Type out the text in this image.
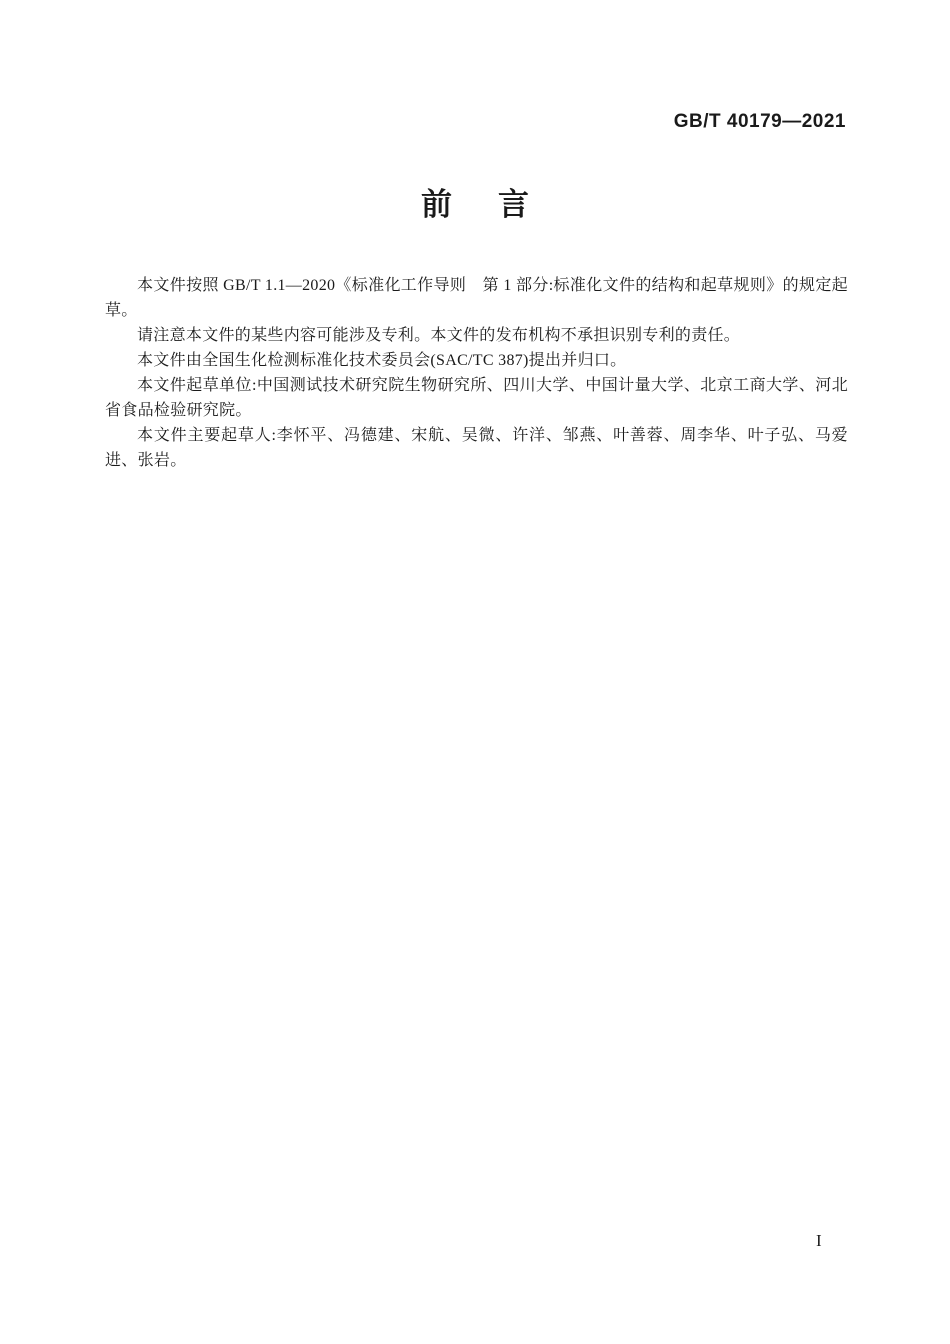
GB/T 40179—2021
前 言

本文件按照 GB/T 1.1—2020《标准化工作导则　第 1 部分:标准化文件的结构和起草规则》的规定起草。

请注意本文件的某些内容可能涉及专利。本文件的发布机构不承担识别专利的责任。

本文件由全国生化检测标准化技术委员会(SAC/TC 387)提出并归口。

本文件起草单位:中国测试技术研究院生物研究所、四川大学、中国计量大学、北京工商大学、河北省食品检验研究院。

本文件主要起草人:李怀平、冯德建、宋航、吴微、许洋、邹燕、叶善蓉、周李华、叶子弘、马爱进、张岩。

I
